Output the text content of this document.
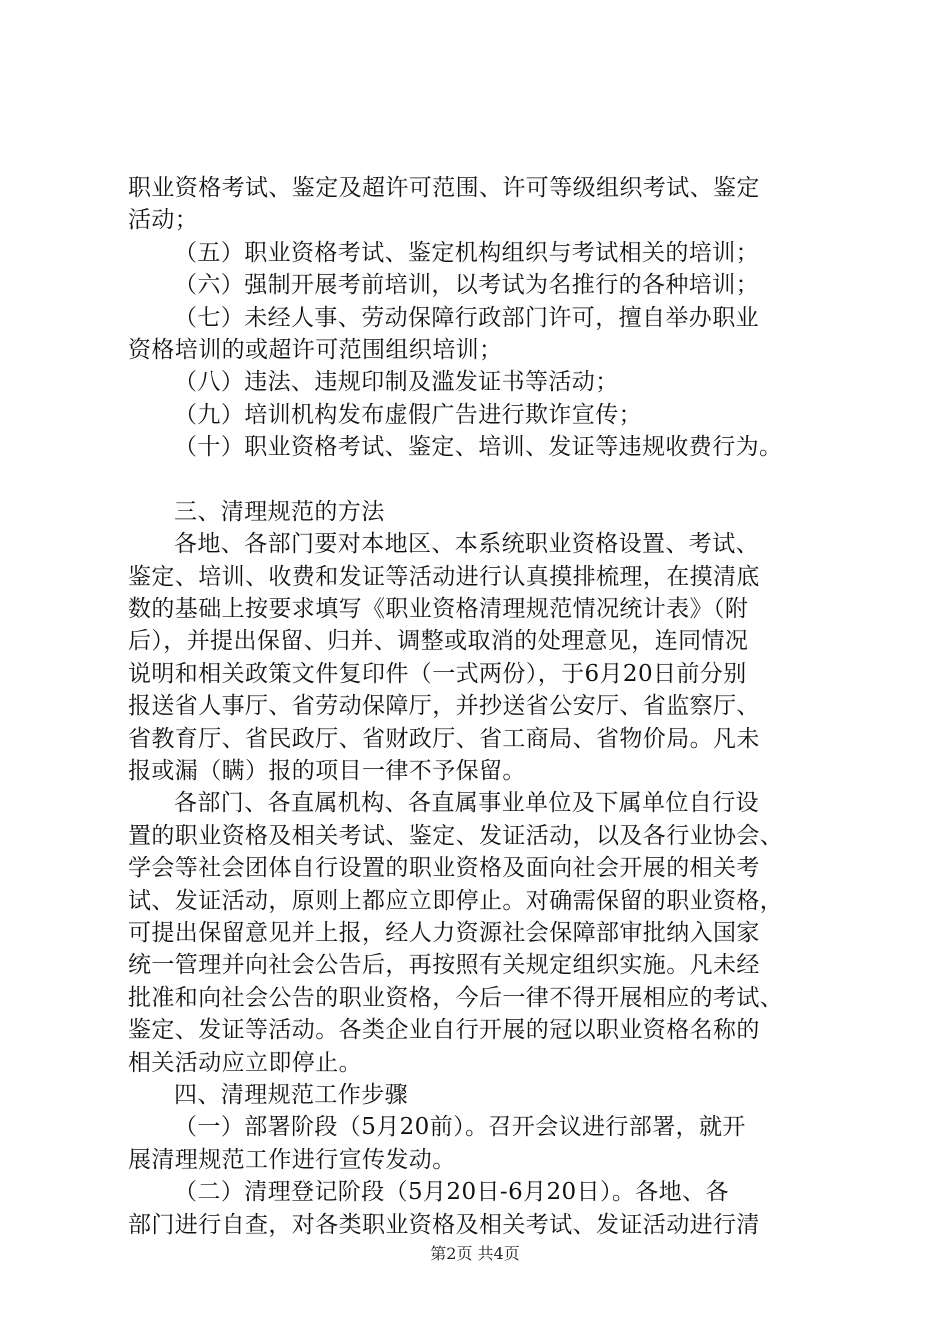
职业资格考试、鉴定及超许可范围、许可等级组织考试、鉴定
活动；
（五）职业资格考试、鉴定机构组织与考试相关的培训；
（六）强制开展考前培训，以考试为名推行的各种培训；
（七）未经人事、劳动保障行政部门许可，擅自举办职业
资格培训的或超许可范围组织培训；
（八）违法、违规印制及滥发证书等活动；
（九）培训机构发布虚假广告进行欺诈宣传；
（十）职业资格考试、鉴定、培训、发证等违规收费行为。
三、清理规范的方法
各地、各部门要对本地区、本系统职业资格设置、考试、
鉴定、培训、收费和发证等活动进行认真摸排梳理，在摸清底
数的基础上按要求填写《职业资格清理规范情况统计表》（附
后），并提出保留、归并、调整或取消的处理意见，连同情况
说明和相关政策文件复印件（一式两份），于6月20日前分别
报送省人事厅、省劳动保障厅，并抄送省公安厅、省监察厅、
省教育厅、省民政厅、省财政厅、省工商局、省物价局。凡未
报或漏（瞒）报的项目一律不予保留。
各部门、各直属机构、各直属事业单位及下属单位自行设
置的职业资格及相关考试、鉴定、发证活动，以及各行业协会、
学会等社会团体自行设置的职业资格及面向社会开展的相关考
试、发证活动，原则上都应立即停止。对确需保留的职业资格，
可提出保留意见并上报，经人力资源社会保障部审批纳入国家
统一管理并向社会公告后，再按照有关规定组织实施。凡未经
批准和向社会公告的职业资格，今后一律不得开展相应的考试、
鉴定、发证等活动。各类企业自行开展的冠以职业资格名称的
相关活动应立即停止。
四、清理规范工作步骤
（一）部署阶段（5月20前）。召开会议进行部署，就开
展清理规范工作进行宣传发动。
（二）清理登记阶段（5月20日-6月20日）。各地、各
部门进行自查，对各类职业资格及相关考试、发证活动进行清
第2页 共4页
